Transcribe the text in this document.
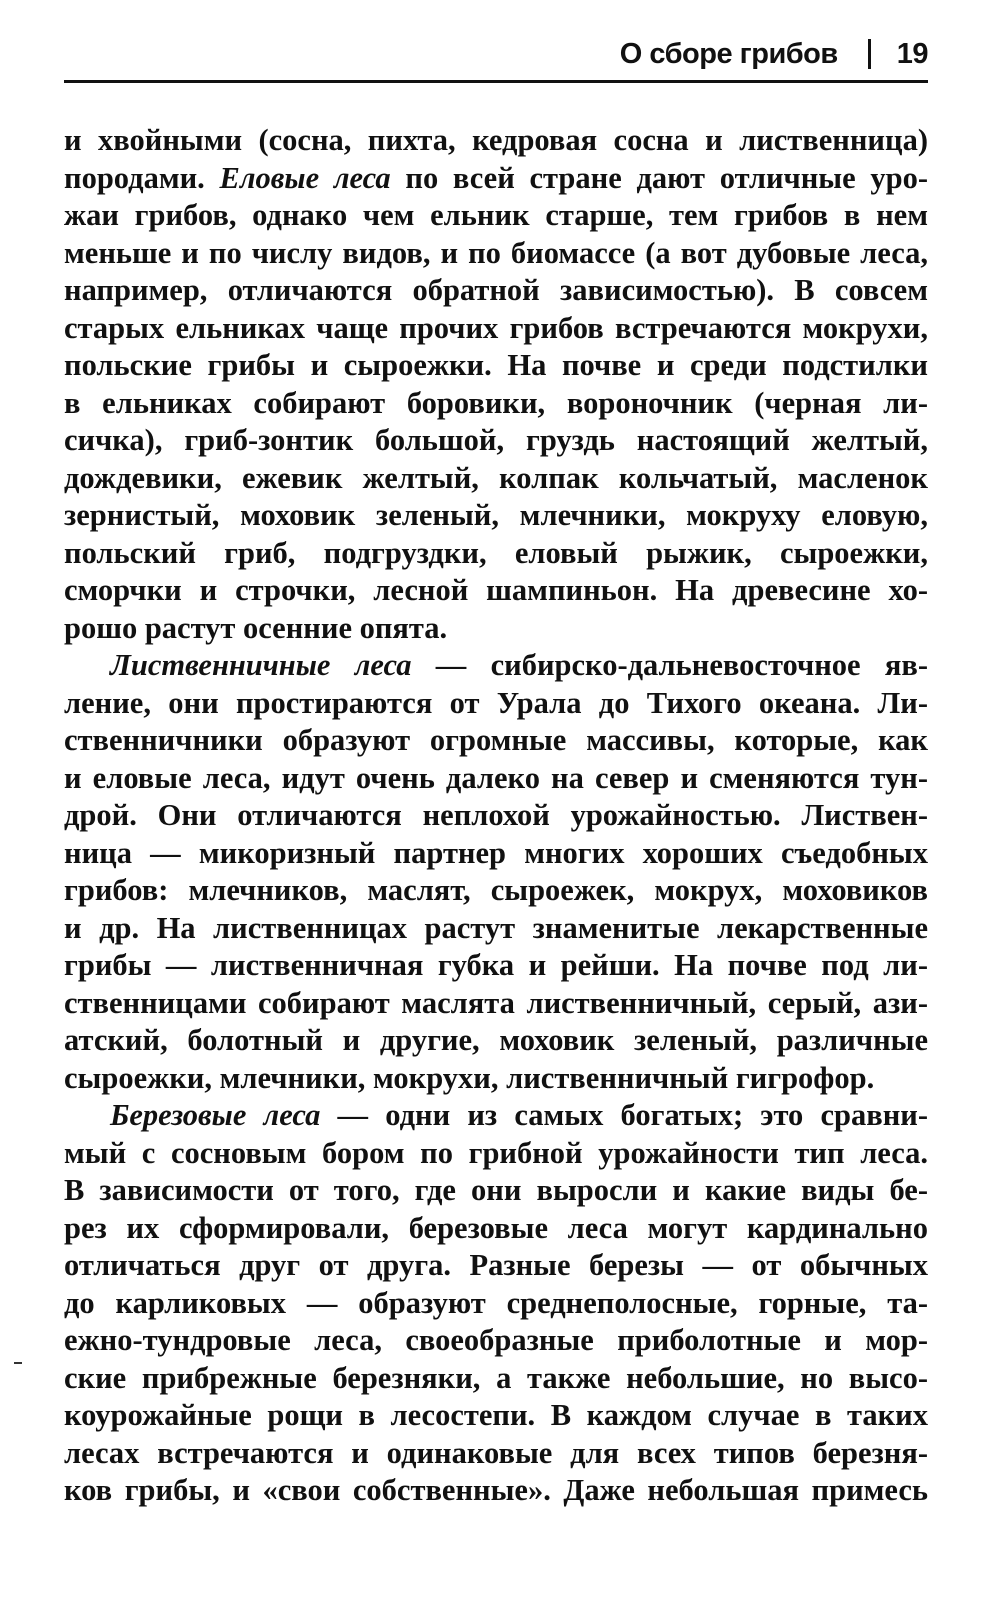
О сборе грибов 19
и хвойными (сосна, пихта, кедровая сосна и лиственница)
породами. Еловые леса по всей стране дают отличные уро-
жаи грибов, однако чем ельник старше, тем грибов в нем
меньше и по числу видов, и по биомассе (а вот дубовые леса,
например, отличаются обратной зависимостью). В совсем
старых ельниках чаще прочих грибов встречаются мокрухи,
польские грибы и сыроежки. На почве и среди подстилки
в ельниках собирают боровики, вороночник (черная ли-
сичка), гриб-зонтик большой, груздь настоящий желтый,
дождевики, ежевик желтый, колпак кольчатый, масленок
зернистый, моховик зеленый, млечники, мокруху еловую,
польский гриб, подгруздки, еловый рыжик, сыроежки,
сморчки и строчки, лесной шампиньон. На древесине хо-
рошо растут осенние опята.
Лиственничные леса — сибирско-дальневосточное яв-
ление, они простираются от Урала до Тихого океана. Ли-
ственничники образуют огромные массивы, которые, как
и еловые леса, идут очень далеко на север и сменяются тун-
дрой. Они отличаются неплохой урожайностью. Листвен-
ница — микоризный партнер многих хороших съедобных
грибов: млечников, маслят, сыроежек, мокрух, моховиков
и др. На лиственницах растут знаменитые лекарственные
грибы — лиственничная губка и рейши. На почве под ли-
ственницами собирают маслята лиственничный, серый, ази-
атский, болотный и другие, моховик зеленый, различные
сыроежки, млечники, мокрухи, лиственничный гигрофор.
Березовые леса — одни из самых богатых; это сравни-
мый с сосновым бором по грибной урожайности тип леса.
В зависимости от того, где они выросли и какие виды бе-
рез их сформировали, березовые леса могут кардинально
отличаться друг от друга. Разные березы — от обычных
до карликовых — образуют среднеполосные, горные, та-
ежно-тундровые леса, своеобразные приболотные и мор-
ские прибрежные березняки, а также небольшие, но высо-
коурожайные рощи в лесостепи. В каждом случае в таких
лесах встречаются и одинаковые для всех типов березня-
ков грибы, и «свои собственные». Даже небольшая примесь
